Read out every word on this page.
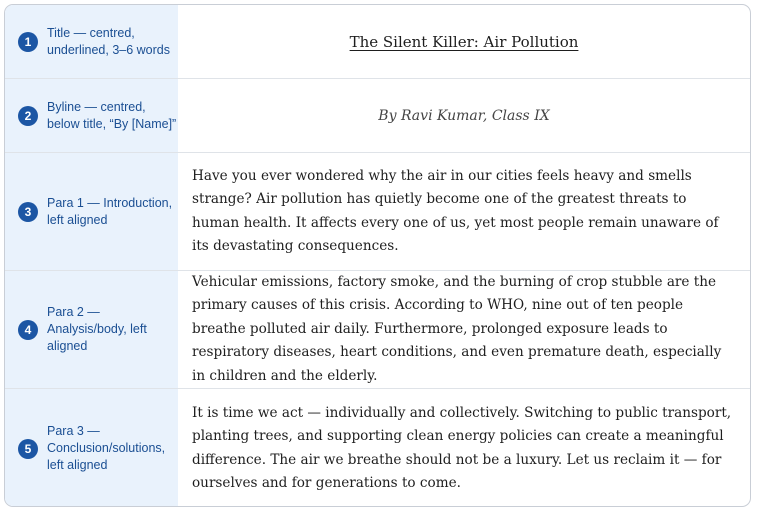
1
Title — centred, underlined, 3–6 words	The Silent Killer: Air Pollution
2
Byline — centred, below title, “By [Name]”	By Ravi Kumar, Class IX
3
Para 1 — Introduction, left aligned

Have you ever wondered why the air in our cities feels heavy and smells strange? Air pollution has quietly become one of the greatest threats to human health. It affects every one of us, yet most people remain unaware of its devastating consequences.

4
Para 2 — Analysis/body, left aligned

Vehicular emissions, factory smoke, and the burning of crop stubble are the primary causes of this crisis. According to WHO, nine out of ten people breathe polluted air daily. Furthermore, prolonged exposure leads to respiratory diseases, heart conditions, and even premature death, especially in children and the elderly.

5
Para 3 — Conclusion/solutions, left aligned

It is time we act — individually and collectively. Switching to public transport, planting trees, and supporting clean energy policies can create a meaningful difference. The air we breathe should not be a luxury. Let us reclaim it — for ourselves and for generations to come.
